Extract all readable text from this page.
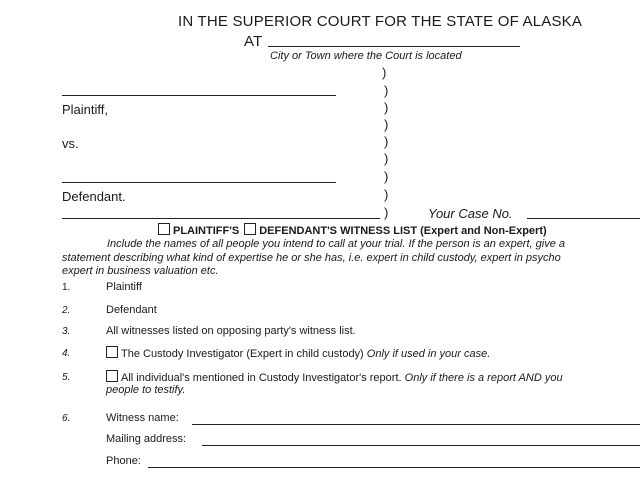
IN THE SUPERIOR COURT FOR THE STATE OF ALASKA
AT
City or Town where the Court is located
)
)
)
)
)
)
)
)
)
Plaintiff,
vs.
Defendant.
Your Case No.
PLAINTIFF'S DEFENDANT'S WITNESS LIST (Expert and Non-Expert)
Include the names of all people you intend to call at your trial. If the person is an expert, give a
statement describing what kind of expertise he or she has, i.e. expert in child custody, expert in psycho
expert in business valuation etc.
1.	Plaintiff
2.	Defendant
3.	All witnesses listed on opposing party's witness list.
4.	The Custody Investigator (Expert in child custody) Only if used in your case.
5.	All individual's mentioned in Custody Investigator's report. Only if there is a report AND you
people to testify.
6.	Witness name:
Mailing address:
Phone:
